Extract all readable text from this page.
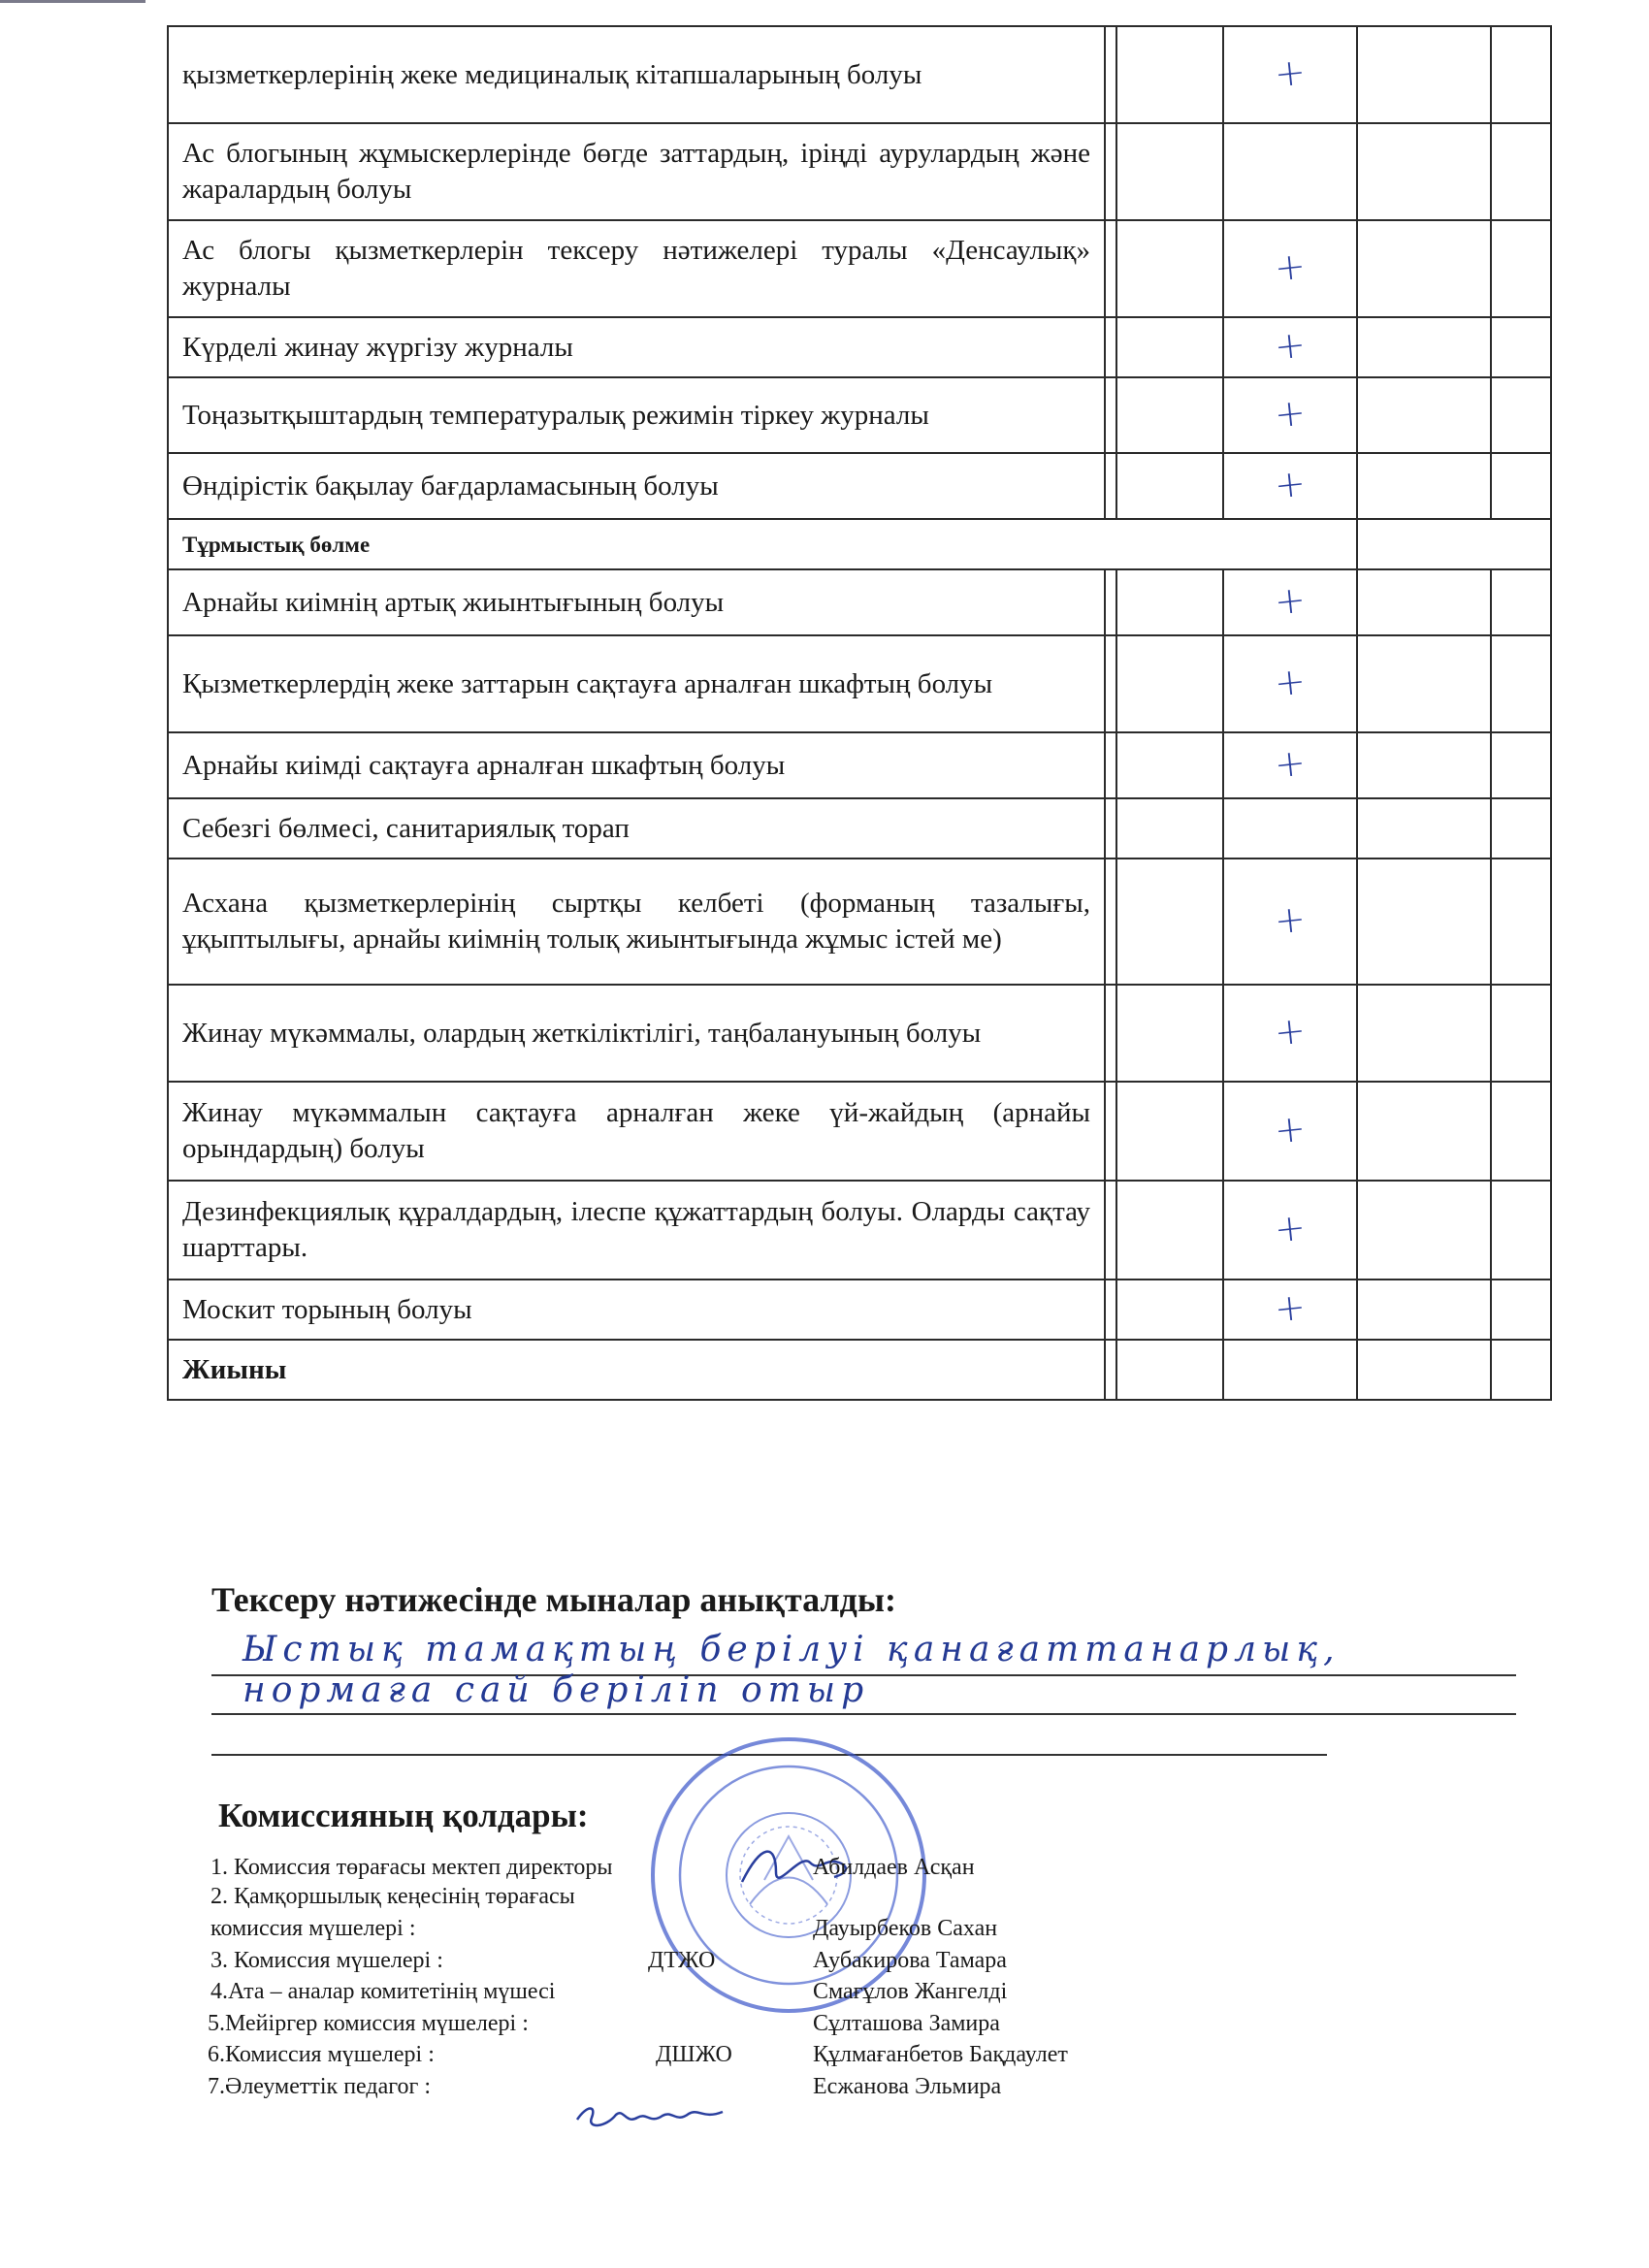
қызметкерлерінің жеке медициналық кітапшаларының болуы			+		
Ас блогының жұмыскерлерінде бөгде заттардың, іріңді аурулардың және жаралардың болуы					
Ас блогы қызметкерлерін тексеру нәтижелері туралы «Денсаулық» журналы			+		
Күрделі жинау жүргізу журналы			+		
Тоңазытқыштардың температуралық режимін тіркеу журналы			+		
Өндірістік бақылау бағдарламасының болуы			+		
Тұрмыстық бөлме					
Арнайы киімнің артық жиынтығының болуы			+		
Қызметкерлердің жеке заттарын сақтауға арналған шкафтың болуы			+		
Арнайы киімді сақтауға арналған шкафтың болуы			+		
Себезгі бөлмесі, санитариялық торап					
Асхана қызметкерлерінің сыртқы келбеті (форманың тазалығы, ұқыптылығы, арнайы киімнің толық жиынтығында жұмыс істей ме)			+		
Жинау мүкәммалы, олардың жеткіліктілігі, таңбалануының болуы			+		
Жинау мүкәммалын сақтауға арналған жеке үй-жайдың (арнайы орындардың) болуы			+		
Дезинфекциялық құралдардың, ілеспе құжаттардың болуы. Оларды сақтау шарттары.			+		
Москит торының болуы			+		
Жиыны					
Тексеру нәтижесінде мыналар анықталды:
Ыстық тамақтың берілуі қанағаттанарлық,
нормаға сай беріліп отыр
Комиссияның қолдары:
1. Комиссия төрағасы мектеп директоры	Абилдаев Асқан
2. Қамқоршылық кеңесінің төрағасы
комиссия мүшелері :	Дауырбеков Сахан
3. Комиссия мүшелері :	ДТЖО	Аубакирова Тамара
4.Ата – аналар комитетінің мүшесі	Смағұлов Жангелді
5.Мейіргер комиссия мүшелері :	Сұлташова Замира
6.Комиссия мүшелері :	ДШЖО	Құлмағанбетов Бақдаулет
7.Әлеуметтік педагог :	Есжанова Эльмира
